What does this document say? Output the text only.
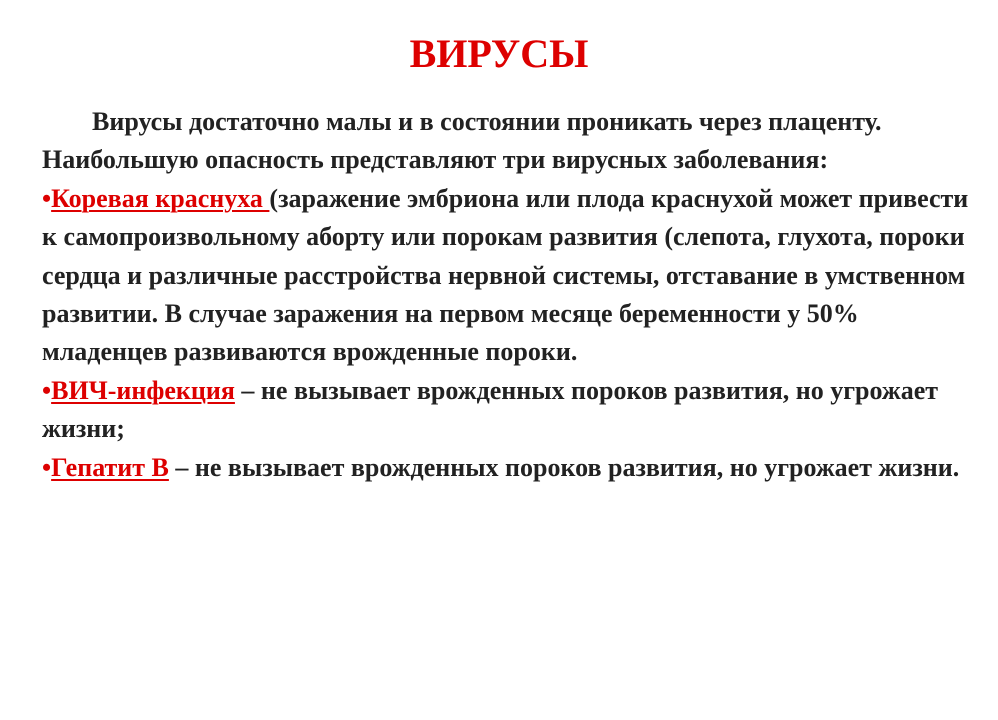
ВИРУСЫ

Вирусы достаточно малы и в состоянии проникать через плаценту. Наибольшую опасность представляют три вирусных заболевания:

•Коревая краснуха (заражение эмбриона или плода краснухой может привести к самопроизвольному аборту или порокам развития (слепота, глухота, пороки сердца и различные расстройства нервной системы, отставание в умственном развитии. В случае заражения на первом месяце беременности у 50% младенцев развиваются врожденные пороки.

•ВИЧ-инфекция – не вызывает врожденных пороков развития, но угрожает жизни;

•Гепатит В – не вызывает врожденных пороков развития, но угрожает жизни.
